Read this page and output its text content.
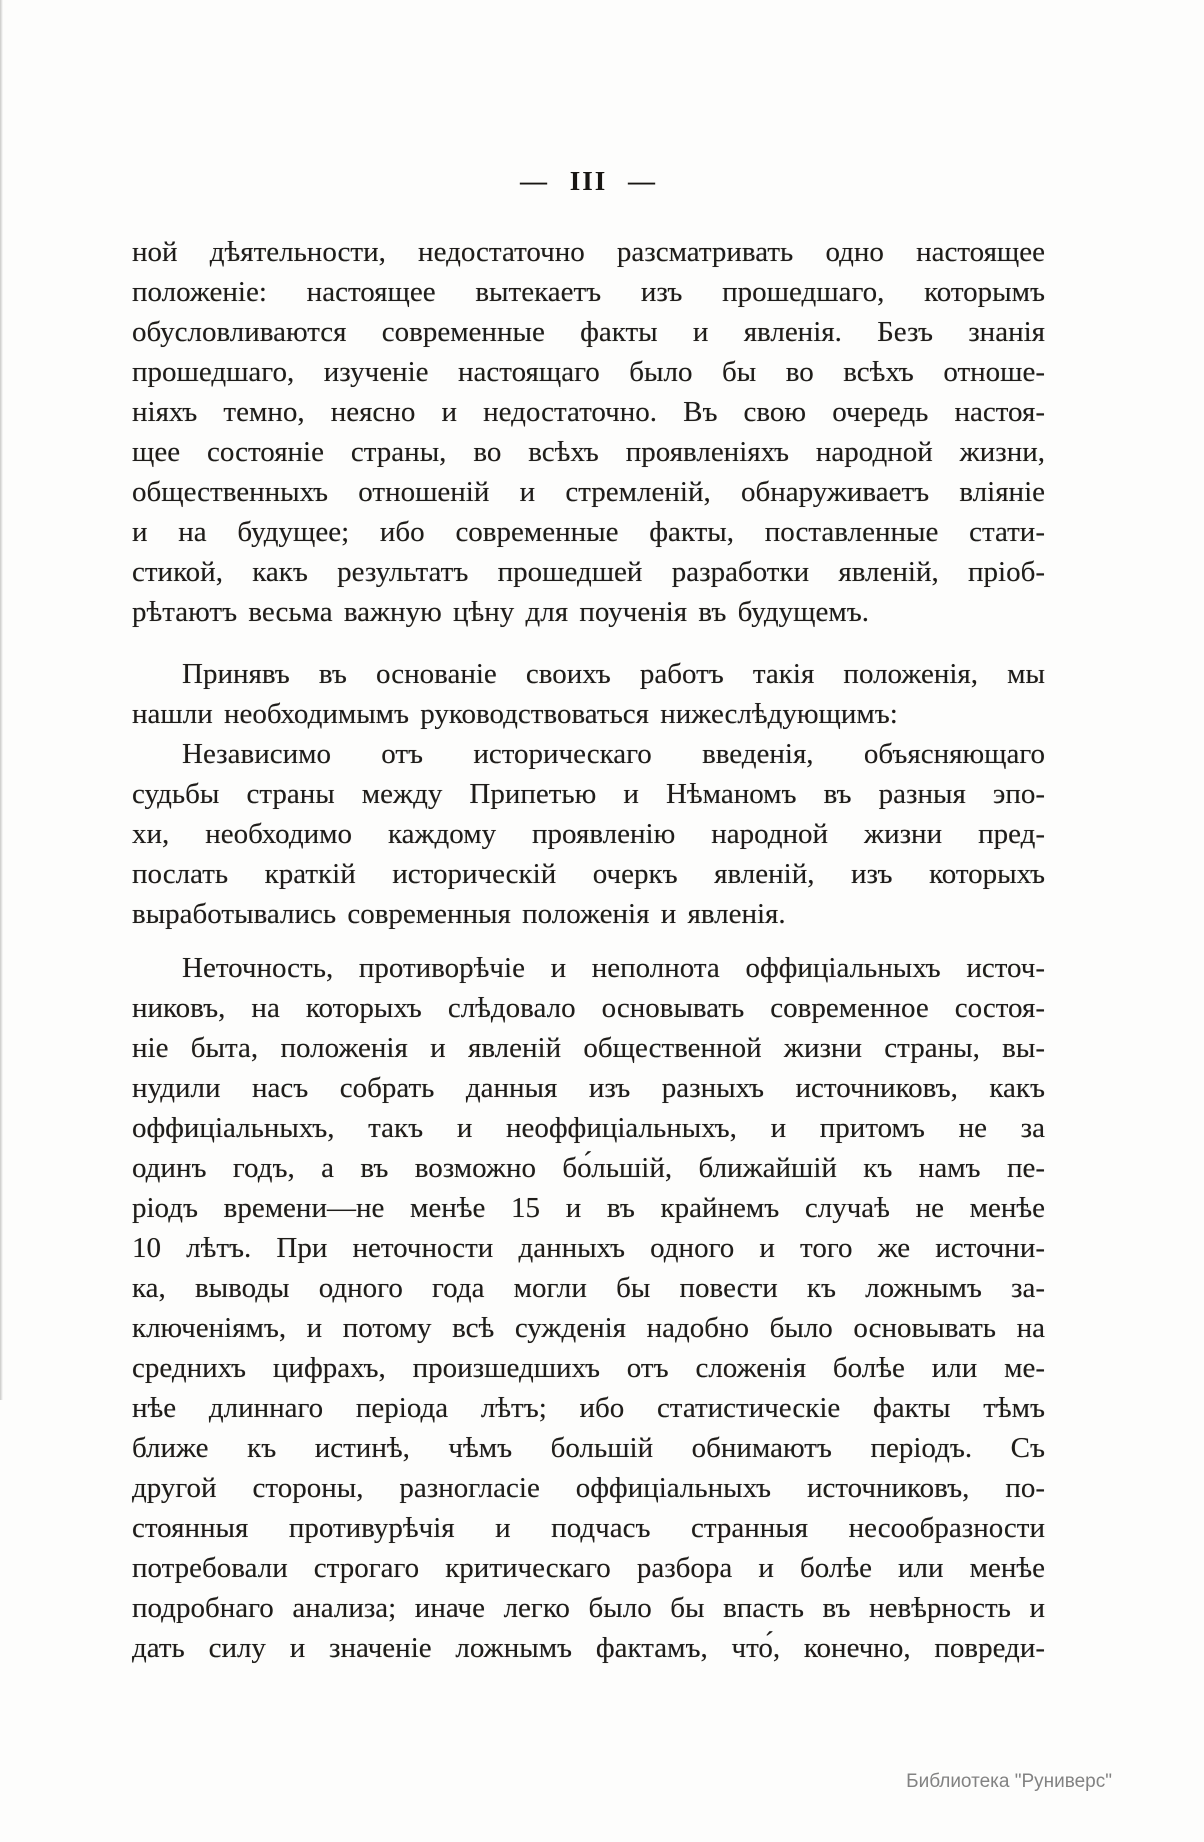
— III —
ной дѣятельности, недостаточно разсматривать одно настоящее
положеніе: настоящее вытекаетъ изъ прошедшаго, которымъ
обусловливаются современные факты и явленія. Безъ знанія
прошедшаго, изученіе настоящаго было бы во всѣхъ отноше-
ніяхъ темно, неясно и недостаточно. Въ свою очередь настоя-
щее состояніе страны, во всѣхъ проявленіяхъ народной жизни,
общественныхъ отношеній и стремленій, обнаруживаетъ вліяніе
и на будущее; ибо современные факты, поставленные стати-
стикой, какъ результатъ прошедшей разработки явленій, пріоб-
рѣтаютъ весьма важную цѣну для поученія въ будущемъ.
Принявъ въ основаніе своихъ работъ такія положенія, мы
нашли необходимымъ руководствоваться нижеслѣдующимъ:
Независимо отъ историческаго введенія, объясняющаго
судьбы страны между Припетью и Нѣманомъ въ разныя эпо-
хи, необходимо каждому проявленію народной жизни пред-
послать краткій историческій очеркъ явленій, изъ которыхъ
выработывались современныя положенія и явленія.
Неточность, противорѣчіе и неполнота оффиціальныхъ источ-
никовъ, на которыхъ слѣдовало основывать современное состоя-
ніе быта, положенія и явленій общественной жизни страны, вы-
нудили насъ собрать данныя изъ разныхъ источниковъ, какъ
оффиціальныхъ, такъ и неоффиціальныхъ, и притомъ не за
одинъ годъ, а въ возможно бо́льшій, ближайшій къ намъ пе-
ріодъ времени—не менѣе 15 и въ крайнемъ случаѣ не менѣе
10 лѣтъ. При неточности данныхъ одного и того же источни-
ка, выводы одного года могли бы повести къ ложнымъ за-
ключеніямъ, и потому всѣ сужденія надобно было основывать на
среднихъ цифрахъ, произшедшихъ отъ сложенія болѣе или ме-
нѣе длиннаго періода лѣтъ; ибо статистическіе факты тѣмъ
ближе къ истинѣ, чѣмъ большій обнимаютъ періодъ. Съ
другой стороны, разногласіе оффиціальныхъ источниковъ, по-
стоянныя противурѣчія и подчасъ странныя несообразности
потребовали строгаго критическаго разбора и болѣе или менѣе
подробнаго анализа; иначе легко было бы впасть въ невѣрность и
дать силу и значеніе ложнымъ фактамъ, что́, конечно, повреди-
Библиотека "Руниверс"
